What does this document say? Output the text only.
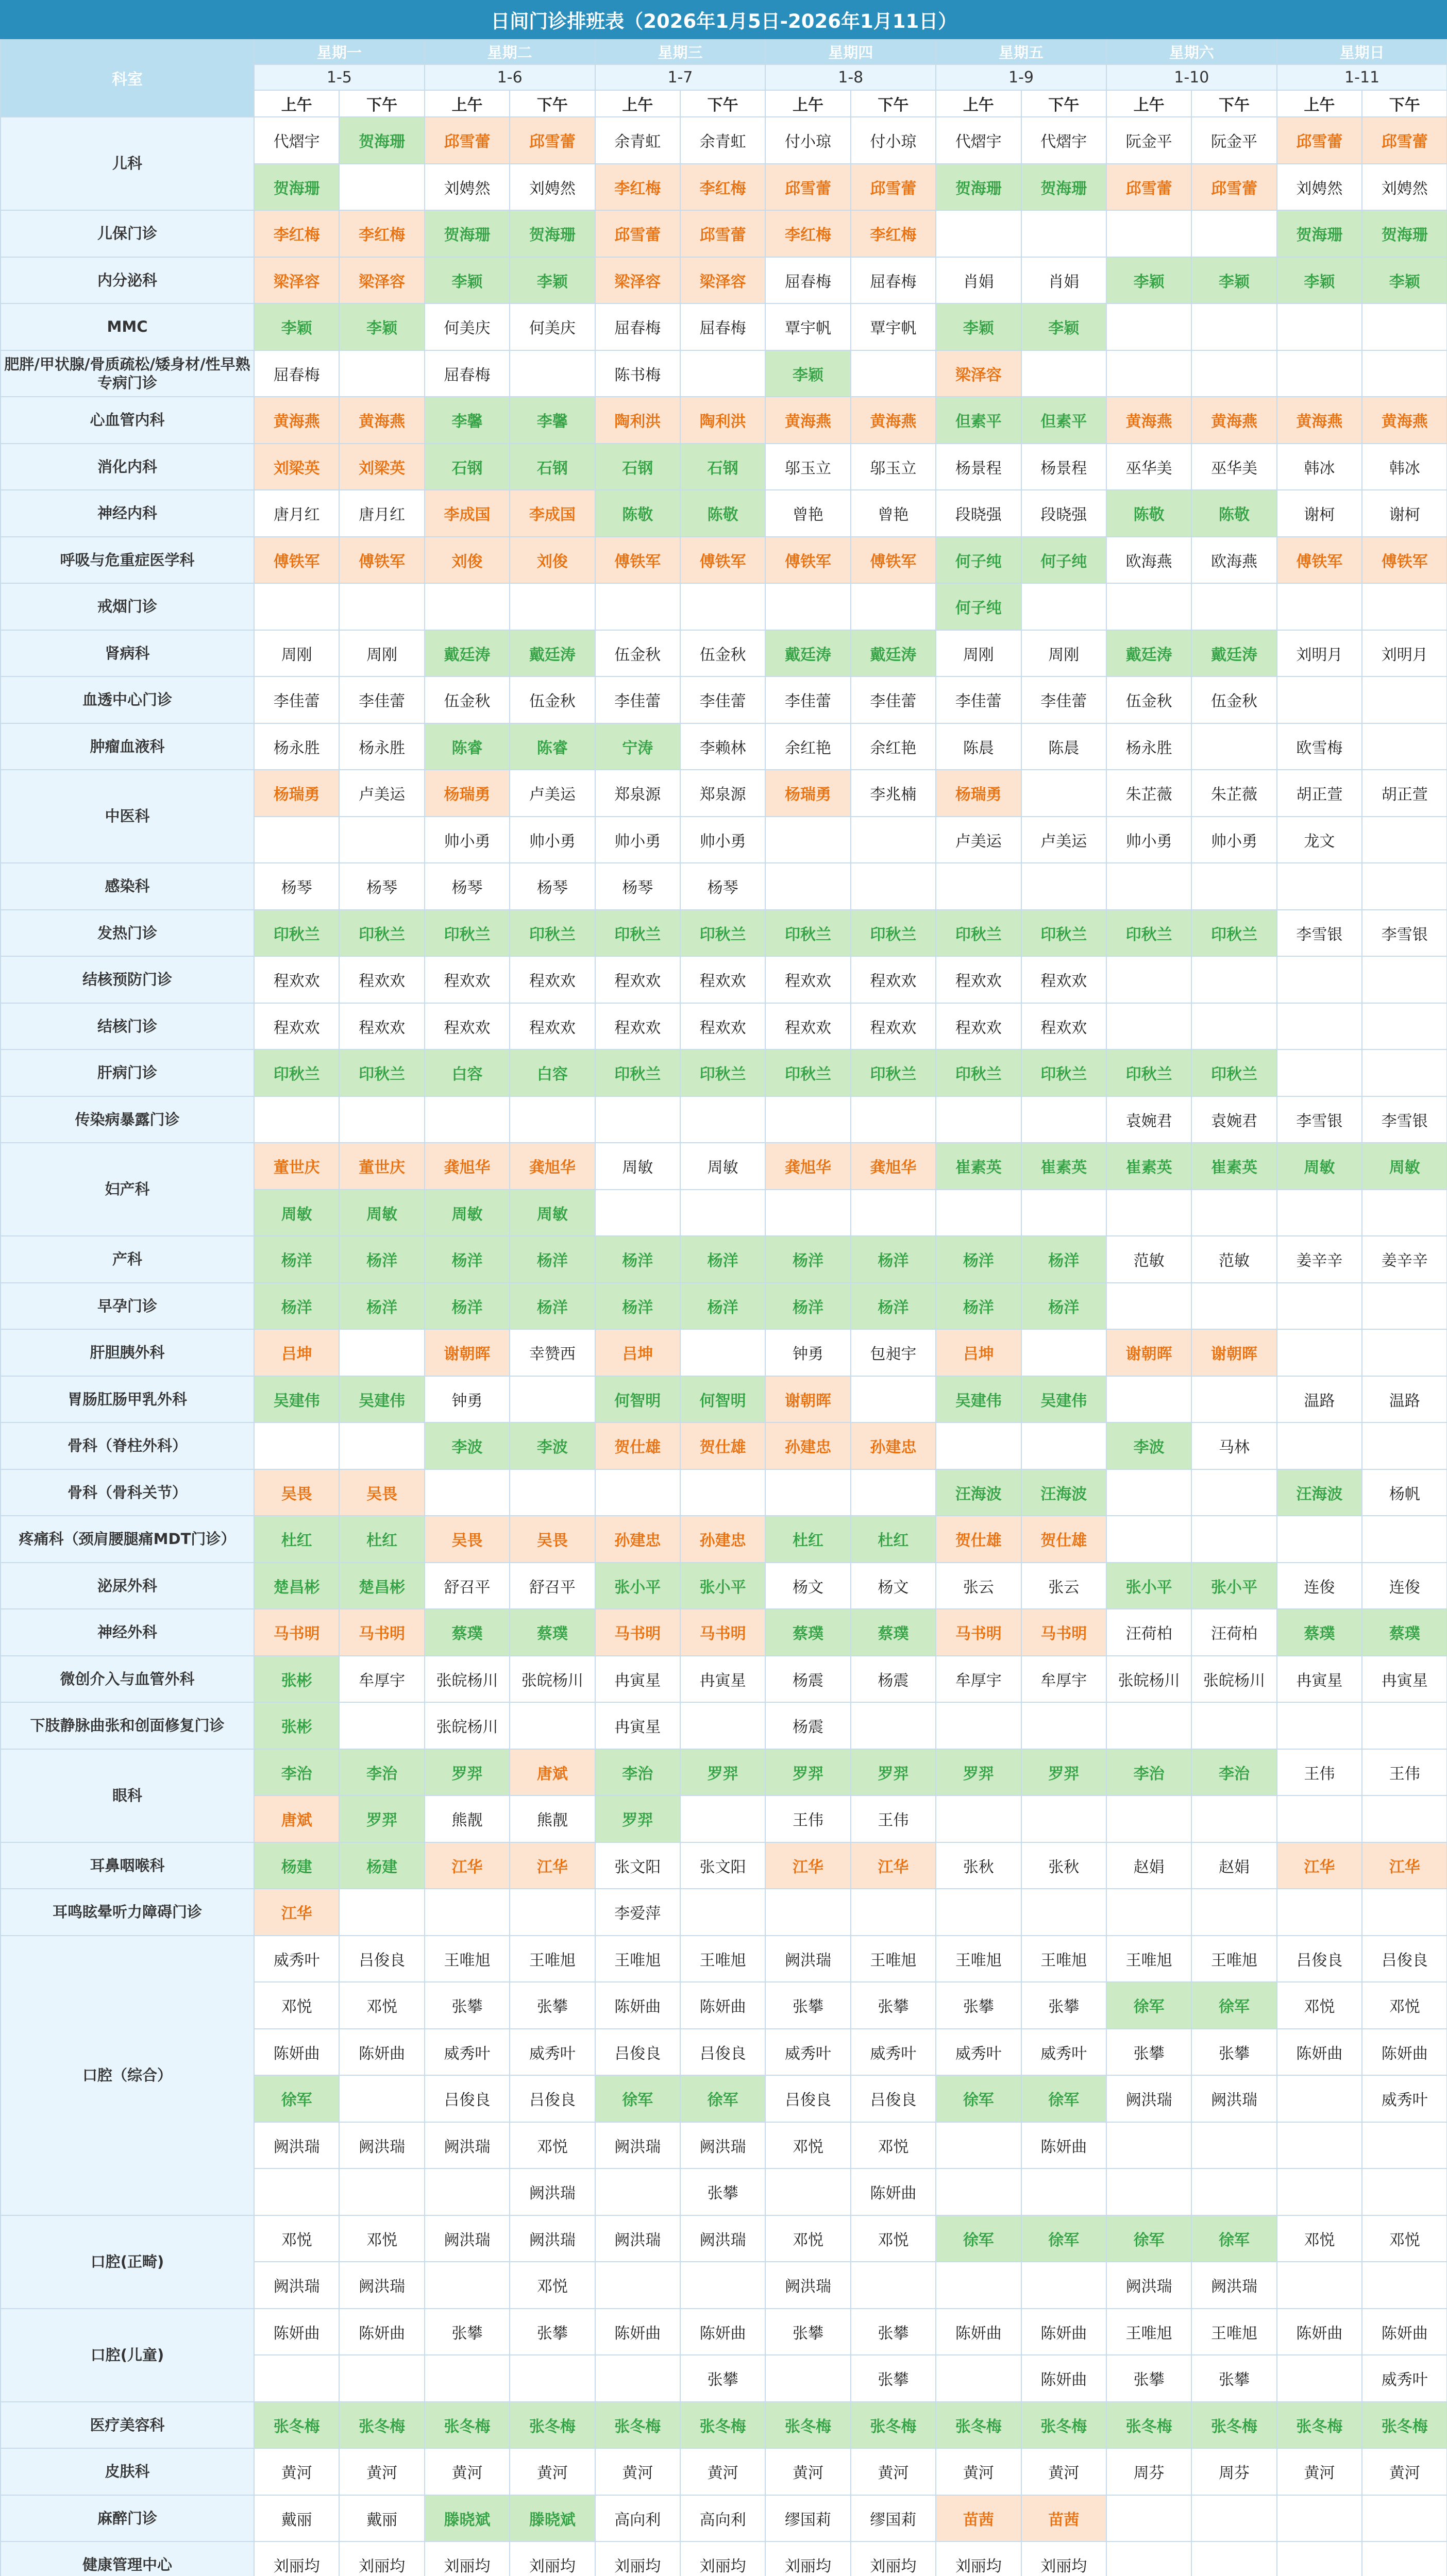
日间门诊排班表（2026年1月5日-2026年1月11日）														
科室	星期一		星期二		星期三		星期四		星期五		星期六		星期日	
	1-5		1-6		1-7		1-8		1-9		1-10		1-11	
	上午	下午	上午	下午	上午	下午	上午	下午	上午	下午	上午	下午	上午	下午
儿科	代熠宇	贺海珊	邱雪蕾	邱雪蕾	余青虹	余青虹	付小琼	付小琼	代熠宇	代熠宇	阮金平	阮金平	邱雪蕾	邱雪蕾
	贺海珊		刘娉然	刘娉然	李红梅	李红梅	邱雪蕾	邱雪蕾	贺海珊	贺海珊	邱雪蕾	邱雪蕾	刘娉然	刘娉然
儿保门诊	李红梅	李红梅	贺海珊	贺海珊	邱雪蕾	邱雪蕾	李红梅	李红梅					贺海珊	贺海珊
内分泌科	梁泽容	梁泽容	李颖	李颖	梁泽容	梁泽容	屈春梅	屈春梅	肖娟	肖娟	李颖	李颖	李颖	李颖
MMC	李颖	李颖	何美庆	何美庆	屈春梅	屈春梅	覃宇帆	覃宇帆	李颖	李颖				
肥胖/甲状腺/骨质疏松/矮身材/性早熟专病门诊	屈春梅		屈春梅		陈书梅		李颖		梁泽容					
心血管内科	黄海燕	黄海燕	李馨	李馨	陶利洪	陶利洪	黄海燕	黄海燕	但素平	但素平	黄海燕	黄海燕	黄海燕	黄海燕
消化内科	刘梁英	刘梁英	石钢	石钢	石钢	石钢	邬玉立	邬玉立	杨景程	杨景程	巫华美	巫华美	韩冰	韩冰
神经内科	唐月红	唐月红	李成国	李成国	陈敬	陈敬	曾艳	曾艳	段晓强	段晓强	陈敬	陈敬	谢柯	谢柯
呼吸与危重症医学科	傅铁军	傅铁军	刘俊	刘俊	傅铁军	傅铁军	傅铁军	傅铁军	何子纯	何子纯	欧海燕	欧海燕	傅铁军	傅铁军
戒烟门诊									何子纯					
肾病科	周刚	周刚	戴廷涛	戴廷涛	伍金秋	伍金秋	戴廷涛	戴廷涛	周刚	周刚	戴廷涛	戴廷涛	刘明月	刘明月
血透中心门诊	李佳蕾	李佳蕾	伍金秋	伍金秋	李佳蕾	李佳蕾	李佳蕾	李佳蕾	李佳蕾	李佳蕾	伍金秋	伍金秋		
肿瘤血液科	杨永胜	杨永胜	陈睿	陈睿	宁涛	李赖林	余红艳	余红艳	陈晨	陈晨	杨永胜		欧雪梅	
中医科	杨瑞勇	卢美运	杨瑞勇	卢美运	郑泉源	郑泉源	杨瑞勇	李兆楠	杨瑞勇		朱芷薇	朱芷薇	胡正萱	胡正萱
			帅小勇	帅小勇	帅小勇	帅小勇			卢美运	卢美运	帅小勇	帅小勇	龙文	
感染科	杨琴	杨琴	杨琴	杨琴	杨琴	杨琴								
发热门诊	印秋兰	印秋兰	印秋兰	印秋兰	印秋兰	印秋兰	印秋兰	印秋兰	印秋兰	印秋兰	印秋兰	印秋兰	李雪银	李雪银
结核预防门诊	程欢欢	程欢欢	程欢欢	程欢欢	程欢欢	程欢欢	程欢欢	程欢欢	程欢欢	程欢欢				
结核门诊	程欢欢	程欢欢	程欢欢	程欢欢	程欢欢	程欢欢	程欢欢	程欢欢	程欢欢	程欢欢				
肝病门诊	印秋兰	印秋兰	白容	白容	印秋兰	印秋兰	印秋兰	印秋兰	印秋兰	印秋兰	印秋兰	印秋兰		
传染病暴露门诊											袁婉君	袁婉君	李雪银	李雪银
妇产科	董世庆	董世庆	龚旭华	龚旭华	周敏	周敏	龚旭华	龚旭华	崔素英	崔素英	崔素英	崔素英	周敏	周敏
	周敏	周敏	周敏	周敏										
产科	杨洋	杨洋	杨洋	杨洋	杨洋	杨洋	杨洋	杨洋	杨洋	杨洋	范敏	范敏	姜辛辛	姜辛辛
早孕门诊	杨洋	杨洋	杨洋	杨洋	杨洋	杨洋	杨洋	杨洋	杨洋	杨洋				
肝胆胰外科	吕坤		谢朝晖	幸赞西	吕坤		钟勇	包昶宇	吕坤		谢朝晖	谢朝晖		
胃肠肛肠甲乳外科	吴建伟	吴建伟	钟勇		何智明	何智明	谢朝晖		吴建伟	吴建伟			温路	温路
骨科（脊柱外科）			李波	李波	贺仕雄	贺仕雄	孙建忠	孙建忠			李波	马林		
骨科（骨科关节）	吴畏	吴畏							汪海波	汪海波			汪海波	杨帆
疼痛科（颈肩腰腿痛MDT门诊）	杜红	杜红	吴畏	吴畏	孙建忠	孙建忠	杜红	杜红	贺仕雄	贺仕雄				
泌尿外科	楚昌彬	楚昌彬	舒召平	舒召平	张小平	张小平	杨文	杨文	张云	张云	张小平	张小平	连俊	连俊
神经外科	马书明	马书明	蔡璞	蔡璞	马书明	马书明	蔡璞	蔡璞	马书明	马书明	汪荷柏	汪荷柏	蔡璞	蔡璞
微创介入与血管外科	张彬	牟厚宇	张皖杨川	张皖杨川	冉寅星	冉寅星	杨震	杨震	牟厚宇	牟厚宇	张皖杨川	张皖杨川	冉寅星	冉寅星
下肢静脉曲张和创面修复门诊	张彬		张皖杨川		冉寅星		杨震							
眼科	李治	李治	罗羿	唐斌	李治	罗羿	罗羿	罗羿	罗羿	罗羿	李治	李治	王伟	王伟
	唐斌	罗羿	熊靓	熊靓	罗羿		王伟	王伟						
耳鼻咽喉科	杨建	杨建	江华	江华	张文阳	张文阳	江华	江华	张秋	张秋	赵娟	赵娟	江华	江华
耳鸣眩晕听力障碍门诊	江华				李爱萍									
口腔（综合）	威秀叶	吕俊良	王唯旭	王唯旭	王唯旭	王唯旭	阙洪瑞	王唯旭	王唯旭	王唯旭	王唯旭	王唯旭	吕俊良	吕俊良
	邓悦	邓悦	张攀	张攀	陈妍曲	陈妍曲	张攀	张攀	张攀	张攀	徐军	徐军	邓悦	邓悦
	陈妍曲	陈妍曲	威秀叶	威秀叶	吕俊良	吕俊良	威秀叶	威秀叶	威秀叶	威秀叶	张攀	张攀	陈妍曲	陈妍曲
	徐军		吕俊良	吕俊良	徐军	徐军	吕俊良	吕俊良	徐军	徐军	阙洪瑞	阙洪瑞		威秀叶
	阙洪瑞	阙洪瑞	阙洪瑞	邓悦	阙洪瑞	阙洪瑞	邓悦	邓悦		陈妍曲				
				阙洪瑞		张攀		陈妍曲						
口腔(正畸)	邓悦	邓悦	阙洪瑞	阙洪瑞	阙洪瑞	阙洪瑞	邓悦	邓悦	徐军	徐军	徐军	徐军	邓悦	邓悦
	阙洪瑞	阙洪瑞		邓悦			阙洪瑞				阙洪瑞	阙洪瑞		
口腔(儿童)	陈妍曲	陈妍曲	张攀	张攀	陈妍曲	陈妍曲	张攀	张攀	陈妍曲	陈妍曲	王唯旭	王唯旭	陈妍曲	陈妍曲
						张攀		张攀		陈妍曲	张攀	张攀		威秀叶
医疗美容科	张冬梅	张冬梅	张冬梅	张冬梅	张冬梅	张冬梅	张冬梅	张冬梅	张冬梅	张冬梅	张冬梅	张冬梅	张冬梅	张冬梅
皮肤科	黄河	黄河	黄河	黄河	黄河	黄河	黄河	黄河	黄河	黄河	周芬	周芬	黄河	黄河
麻醉门诊	戴丽	戴丽	滕晓斌	滕晓斌	高向利	高向利	缪国莉	缪国莉	苗茜	苗茜				
健康管理中心	刘丽均	刘丽均	刘丽均	刘丽均	刘丽均	刘丽均	刘丽均	刘丽均	刘丽均	刘丽均				
